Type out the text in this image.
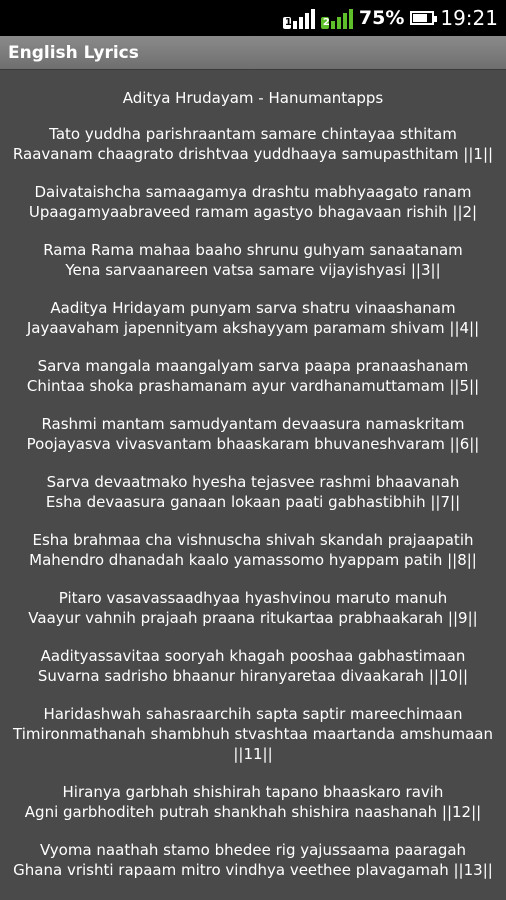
1	2 75% 19:21
English Lyrics
Aditya Hrudayam - Hanumantapps
Tato yuddha parishraantam samare chintayaa sthitam
Raavanam chaagrato drishtvaa yuddhaaya samupasthitam ||1||
Daivataishcha samaagamya drashtu mabhyaagato ranam
Upaagamyaabraveed ramam agastyo bhagavaan rishih ||2|
Rama Rama mahaa baaho shrunu guhyam sanaatanam
Yena sarvaanareen vatsa samare vijayishyasi ||3||
Aaditya Hridayam punyam sarva shatru vinaashanam
Jayaavaham japennityam akshayyam paramam shivam ||4||
Sarva mangala maangalyam sarva paapa pranaashanam
Chintaa shoka prashamanam ayur vardhanamuttamam ||5||
Rashmi mantam samudyantam devaasura namaskritam
Poojayasva vivasvantam bhaaskaram bhuvaneshvaram ||6||
Sarva devaatmako hyesha tejasvee rashmi bhaavanah
Esha devaasura ganaan lokaan paati gabhastibhih ||7||
Esha brahmaa cha vishnuscha shivah skandah prajaapatih
Mahendro dhanadah kaalo yamassomo hyappam patih ||8||
Pitaro vasavassaadhyaa hyashvinou maruto manuh
Vaayur vahnih prajaah praana ritukartaa prabhaakarah ||9||
Aadityassavitaa sooryah khagah pooshaa gabhastimaan
Suvarna sadrisho bhaanur hiranyaretaa divaakarah ||10||
Haridashwah sahasraarchih sapta saptir mareechimaan
Timironmathanah shambhuh stvashtaa maartanda amshumaan
||11||
Hiranya garbhah shishirah tapano bhaaskaro ravih
Agni garbhoditeh putrah shankhah shishira naashanah ||12||
Vyoma naathah stamo bhedee rig yajussaama paaragah
Ghana vrishti rapaam mitro vindhya veethee plavagamah ||13||
